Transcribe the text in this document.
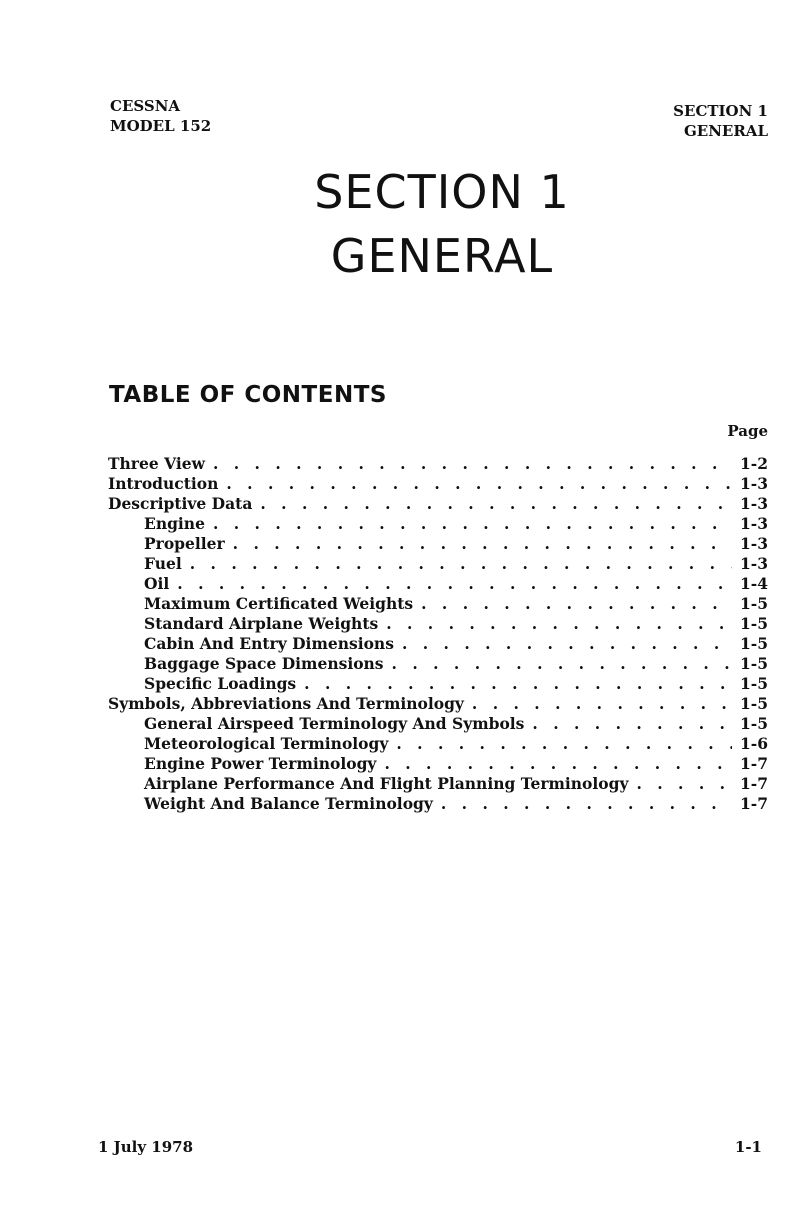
CESSNA
MODEL 152
SECTION 1
GENERAL
SECTION 1
GENERAL
TABLE OF CONTENTS
Page
Three View . . .	1-2
Introduction . . .	1-3
Descriptive Data . . .	1-3
Engine . . .	1-3
Propeller . . .	1-3
Fuel . . .	1-3
Oil . . .	1-4
Maximum Certificated Weights . . .	1-5
Standard Airplane Weights . . .	1-5
Cabin And Entry Dimensions . . .	1-5
Baggage Space Dimensions . . .	1-5
Specific Loadings . . .	1-5
Symbols, Abbreviations And Terminology . . .	1-5
General Airspeed Terminology And Symbols . . .	1-5
Meteorological Terminology . . .	1-6
Engine Power Terminology . . .	1-7
Airplane Performance And Flight Planning Terminology . . .	1-7
Weight And Balance Terminology . . .	1-7
1 July 1978	1-1
